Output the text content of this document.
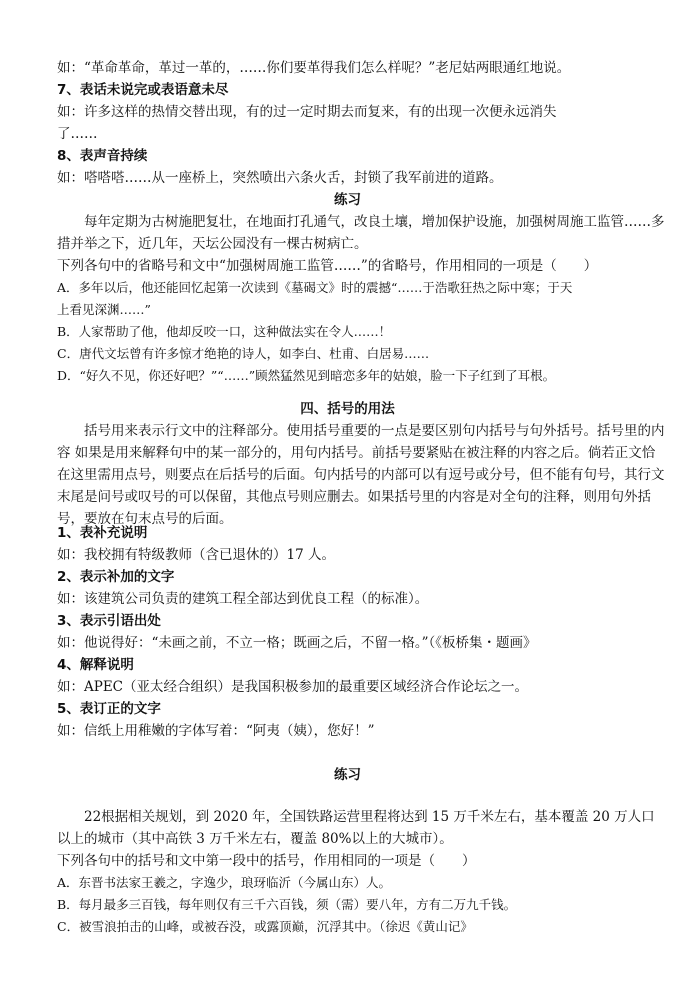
如：“革命革命，革过一革的，……你们要革得我们怎么样呢？”老尼姑两眼通红地说。
7、表话未说完或表语意未尽
如：许多这样的热情交替出现，有的过一定时期去而复来，有的出现一次便永远消失
了……
8、表声音持续
如：嗒嗒嗒……从一座桥上，突然喷出六条火舌，封锁了我军前进的道路。
练习
每年定期为古树施肥复壮，在地面打孔通气，改良土壤，增加保护设施，加强树周施工监管……多措并举之下，近几年，天坛公园没有一棵古树病亡。
下列各句中的省略号和文中“加强树周施工监管……”的省略号，作用相同的一项是（　　）
A．多年以后，他还能回忆起第一次读到《墓碣文》时的震撼“……于浩歌狂热之际中寒；于天
上看见深渊……”
B．人家帮助了他，他却反咬一口，这种做法实在令人……！
C．唐代文坛曾有许多惊才绝艳的诗人，如李白、杜甫、白居易……
D．“好久不见，你还好吧？”“……”顾然猛然见到暗恋多年的姑娘，脸一下子红到了耳根。
四、括号的用法
括号用来表示行文中的注释部分。使用括号重要的一点是要区别句内括号与句外括号。括号里的内容 如果是用来解释句中的某一部分的，用句内括号。前括号要紧贴在被注释的内容之后。倘若正文恰在这里需用点号，则要点在后括号的后面。句内括号的内部可以有逗号或分号，但不能有句号，其行文末尾是问号或叹号的可以保留，其他点号则应删去。如果括号里的内容是对全句的注释，则用句外括号，要放在句末点号的后面。
1、表补充说明
如：我校拥有特级教师（含已退休的）17 人。
2、表示补加的文字
如：该建筑公司负责的建筑工程全部达到优良工程（的标准）。
3、表示引语出处
如：他说得好：“未画之前，不立一格；既画之后，不留一格。”（《板桥集・题画》
4、解释说明
如：APEC（亚太经合组织）是我国积极参加的最重要区域经济合作论坛之一。
5、表订正的文字
如：信纸上用稚嫩的字体写着：“阿夷（姨），您好！”
练习
22根据相关规划，到 2020 年，全国铁路运营里程将达到 15 万千米左右，基本覆盖 20 万人口以上的城市（其中高铁 3 万千米左右，覆盖 80%以上的大城市）。
下列各句中的括号和文中第一段中的括号，作用相同的一项是（　　）
A．东晋书法家王羲之，字逸少，琅玡临沂（今属山东）人。
B．每月最多三百钱，每年则仅有三千六百钱，须（需）要八年，方有二万九千钱。
C．被雪浪拍击的山峰，或被吞没，或露顶巅，沉浮其中。（徐迟《黄山记》
